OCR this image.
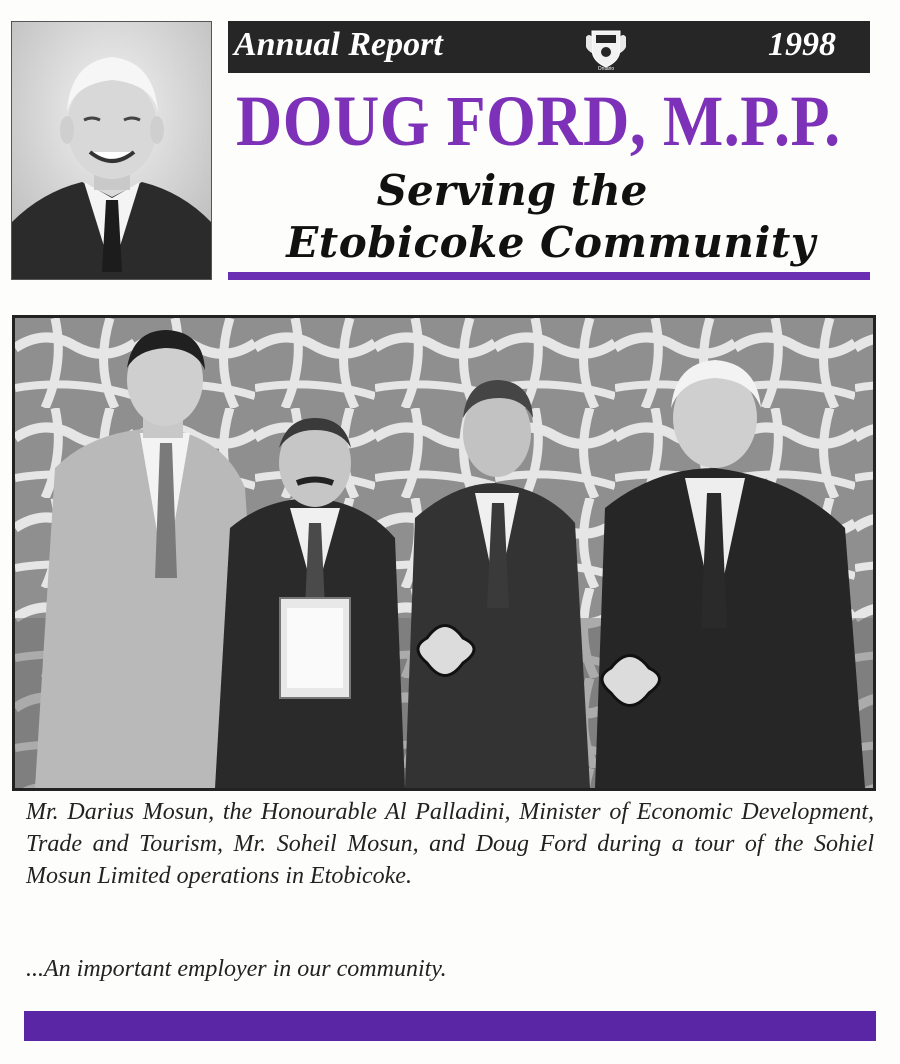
Annual Report
Ontario
1998
DOUG FORD, M.P.P.
Serving the
Etobicoke Community
Mr. Darius Mosun, the Honourable Al Palladini, Minister of Economic Development, Trade and Tourism, Mr. Soheil Mosun, and Doug Ford during a tour of the Sohiel Mosun Limited operations in Etobicoke.
...An important employer in our community.
